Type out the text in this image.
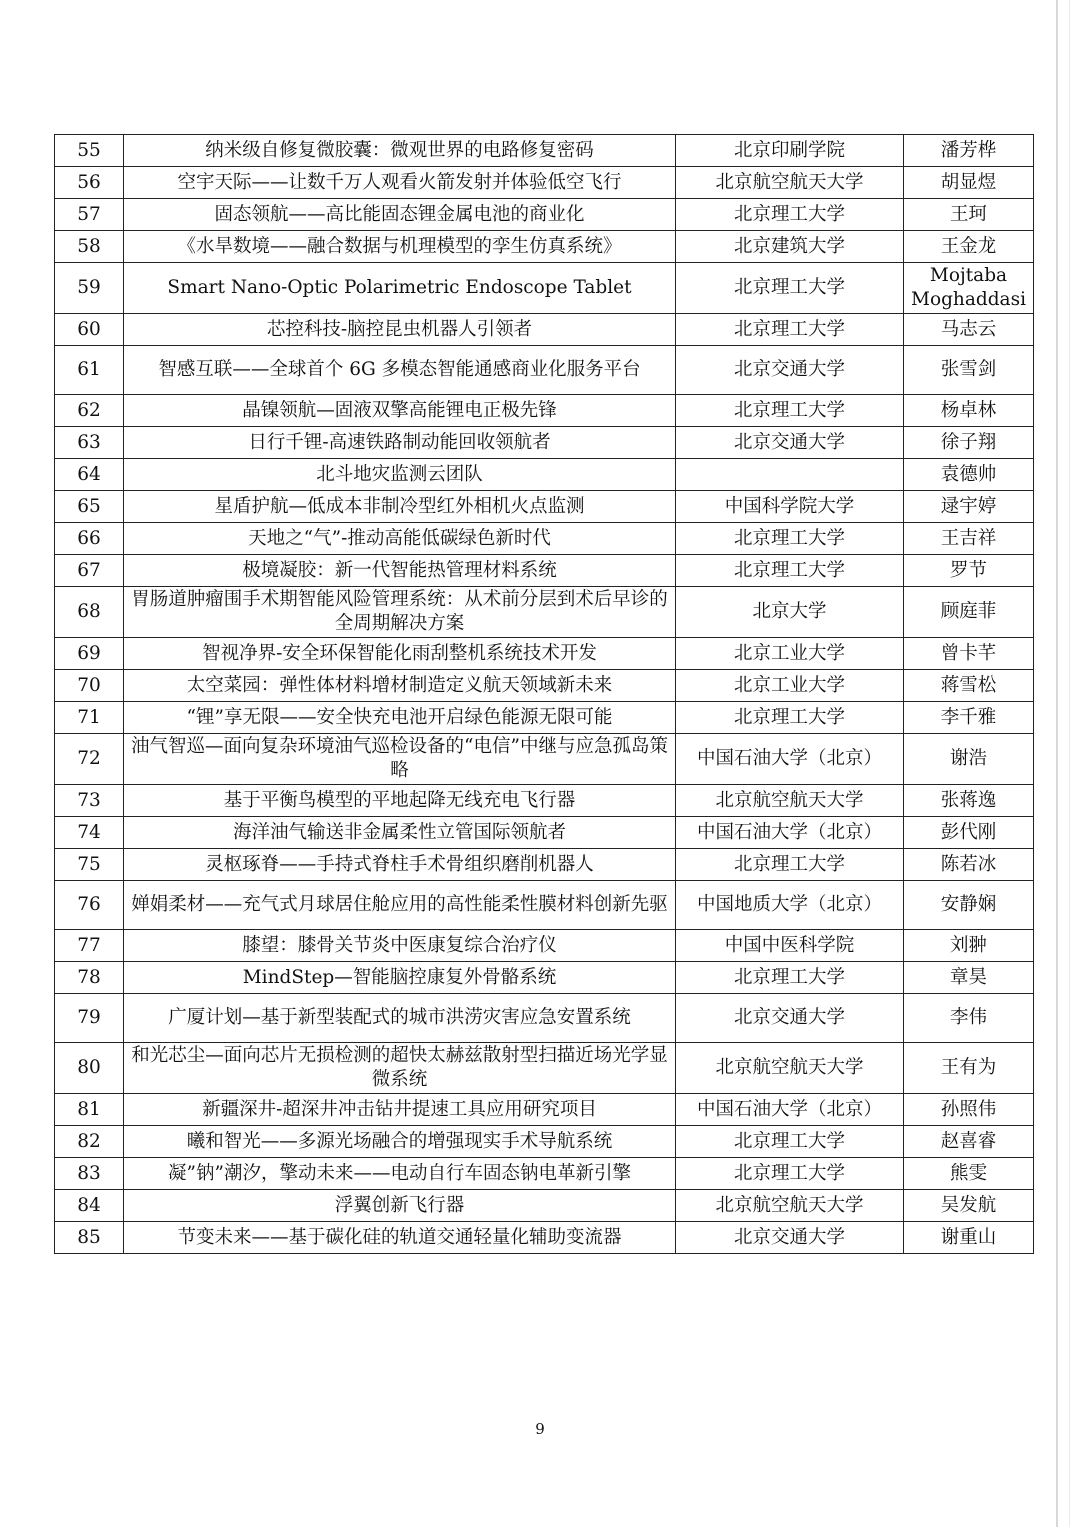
55	纳米级自修复微胶囊：微观世界的电路修复密码	北京印刷学院	潘芳桦
56	空宇天际——让数千万人观看火箭发射并体验低空飞行	北京航空航天大学	胡显煜
57	固态领航——高比能固态锂金属电池的商业化	北京理工大学	王珂
58	《水旱数境——融合数据与机理模型的孪生仿真系统》	北京建筑大学	王金龙
59	Smart Nano-Optic Polarimetric Endoscope Tablet	北京理工大学	Mojtaba Moghaddasi
60	芯控科技-脑控昆虫机器人引领者	北京理工大学	马志云
61	智感互联——全球首个 6G 多模态智能通感商业化服务平台	北京交通大学	张雪剑
62	晶镍领航—固液双擎高能锂电正极先锋	北京理工大学	杨卓林
63	日行千锂-高速铁路制动能回收领航者	北京交通大学	徐子翔
64	北斗地灾监测云团队		袁德帅
65	星盾护航—低成本非制冷型红外相机火点监测	中国科学院大学	逯宇婷
66	天地之“气”-推动高能低碳绿色新时代	北京理工大学	王吉祥
67	极境凝胶：新一代智能热管理材料系统	北京理工大学	罗节
68	胃肠道肿瘤围手术期智能风险管理系统：从术前分层到术后早诊的全周期解决方案	北京大学	顾庭菲
69	智视净界-安全环保智能化雨刮整机系统技术开发	北京工业大学	曾卡芊
70	太空菜园：弹性体材料增材制造定义航天领域新未来	北京工业大学	蒋雪松
71	“锂”享无限——安全快充电池开启绿色能源无限可能	北京理工大学	李千雅
72	油气智巡—面向复杂环境油气巡检设备的“电信”中继与应急孤岛策略	中国石油大学（北京）	谢浩
73	基于平衡鸟模型的平地起降无线充电飞行器	北京航空航天大学	张蒋逸
74	海洋油气输送非金属柔性立管国际领航者	中国石油大学（北京）	彭代刚
75	灵枢琢脊——手持式脊柱手术骨组织磨削机器人	北京理工大学	陈若冰
76	婵娟柔材——充气式月球居住舱应用的高性能柔性膜材料创新先驱	中国地质大学（北京）	安静娴
77	膝望：膝骨关节炎中医康复综合治疗仪	中国中医科学院	刘翀
78	MindStep—智能脑控康复外骨骼系统	北京理工大学	章昊
79	广厦计划—基于新型装配式的城市洪涝灾害应急安置系统	北京交通大学	李伟
80	和光芯尘—面向芯片无损检测的超快太赫兹散射型扫描近场光学显微系统	北京航空航天大学	王有为
81	新疆深井-超深井冲击钻井提速工具应用研究项目	中国石油大学（北京）	孙照伟
82	曦和智光——多源光场融合的增强现实手术导航系统	北京理工大学	赵喜睿
83	凝”钠”潮汐，擎动未来——电动自行车固态钠电革新引擎	北京理工大学	熊雯
84	浮翼创新飞行器	北京航空航天大学	吴发航
85	节变未来——基于碳化硅的轨道交通轻量化辅助变流器	北京交通大学	谢重山
9
